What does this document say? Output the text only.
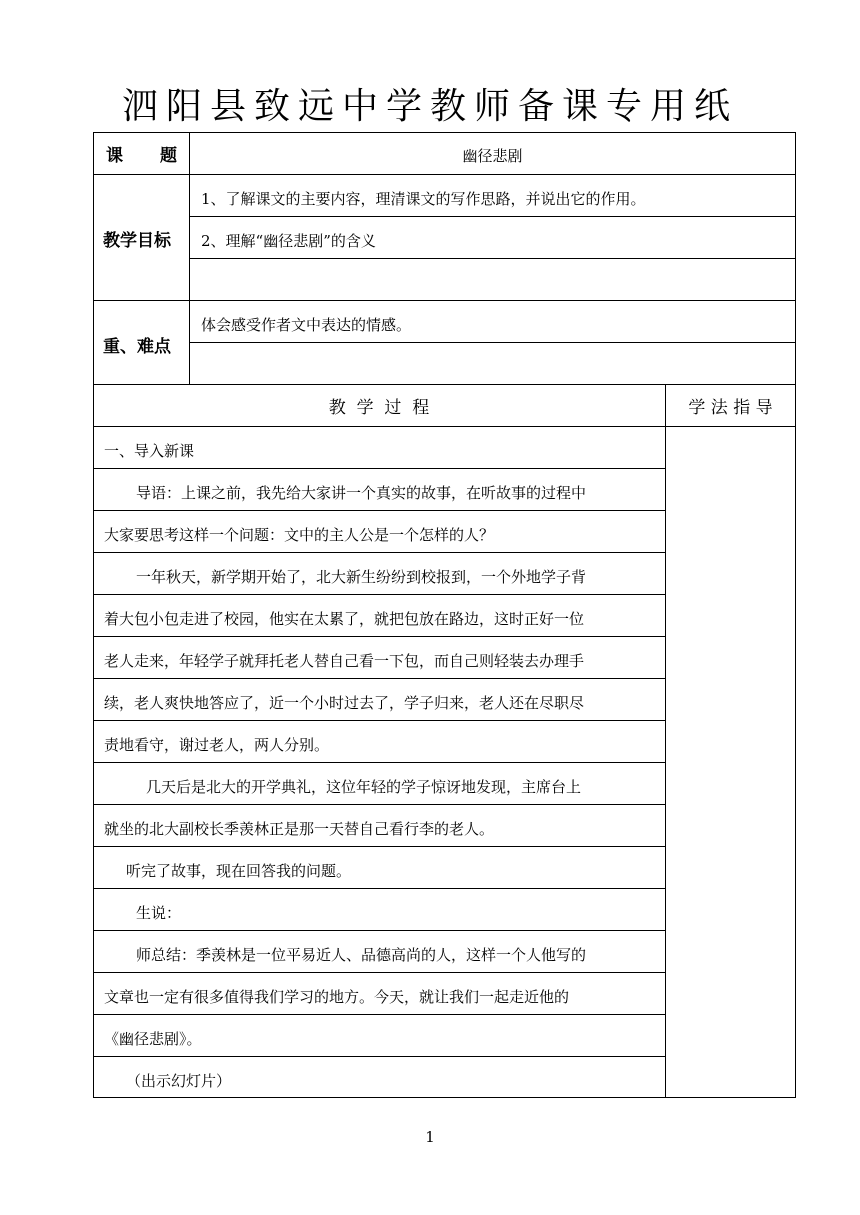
泗阳县致远中学教师备课专用纸
课 题	幽径悲剧
教学目标
1、了解课文的主要内容，理清课文的写作思路，并说出它的作用。
2、理解“幽径悲剧”的含义
重、难点
体会感受作者文中表达的情感。
教  学  过  程	学 法 指 导
一、导入新课
导语：上课之前，我先给大家讲一个真实的故事，在听故事的过程中
大家要思考这样一个问题：文中的主人公是一个怎样的人？
一年秋天，新学期开始了，北大新生纷纷到校报到，一个外地学子背
着大包小包走进了校园，他实在太累了，就把包放在路边，这时正好一位
老人走来，年轻学子就拜托老人替自己看一下包，而自己则轻装去办理手
续，老人爽快地答应了，近一个小时过去了，学子归来，老人还在尽职尽
责地看守，谢过老人，两人分别。
几天后是北大的开学典礼，这位年轻的学子惊讶地发现，主席台上
就坐的北大副校长季羡林正是那一天替自己看行李的老人。
听完了故事，现在回答我的问题。
生说：
师总结：季羡林是一位平易近人、品德高尚的人，这样一个人他写的
文章也一定有很多值得我们学习的地方。今天，就让我们一起走近他的
《幽径悲剧》。
（出示幻灯片）
1
